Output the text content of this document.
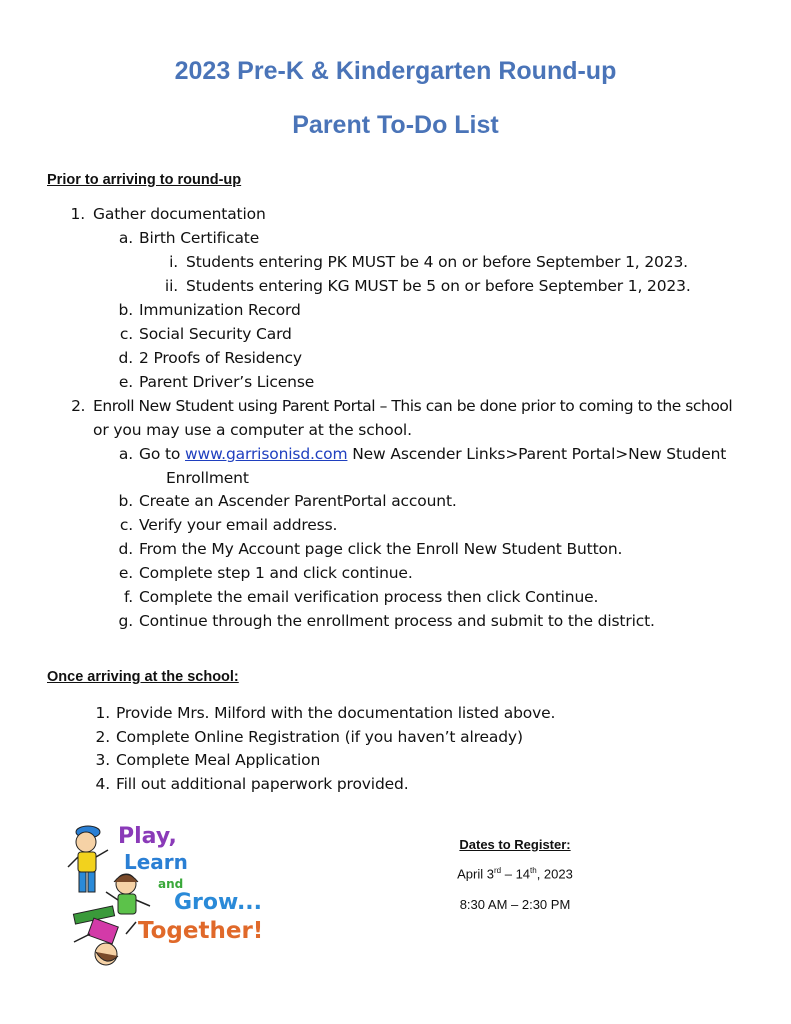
2023 Pre-K & Kindergarten Round-up
Parent To-Do List
Prior to arriving to round-up
1. Gather documentation
a. Birth Certificate
i. Students entering PK MUST be 4 on or before September 1, 2023.
ii. Students entering KG MUST be 5 on or before September 1, 2023.
b. Immunization Record
c. Social Security Card
d. 2 Proofs of Residency
e. Parent Driver’s License
2. Enroll New Student using Parent Portal – This can be done prior to coming to the school
or you may use a computer at the school.
a. Go to www.garrisonisd.com New Ascender Links>Parent Portal>New Student
Enrollment
b. Create an Ascender ParentPortal account.
c. Verify your email address.
d. From the My Account page click the Enroll New Student Button.
e. Complete step 1 and click continue.
f. Complete the email verification process then click Continue.
g. Continue through the enrollment process and submit to the district.
Once arriving at the school:
1. Provide Mrs. Milford with the documentation listed above.
2. Complete Online Registration (if you haven’t already)
3. Complete Meal Application
4. Fill out additional paperwork provided.
Play,
Learn
and
Grow...
Together!
Dates to Register:
April 3rd – 14th, 2023
8:30 AM – 2:30 PM
